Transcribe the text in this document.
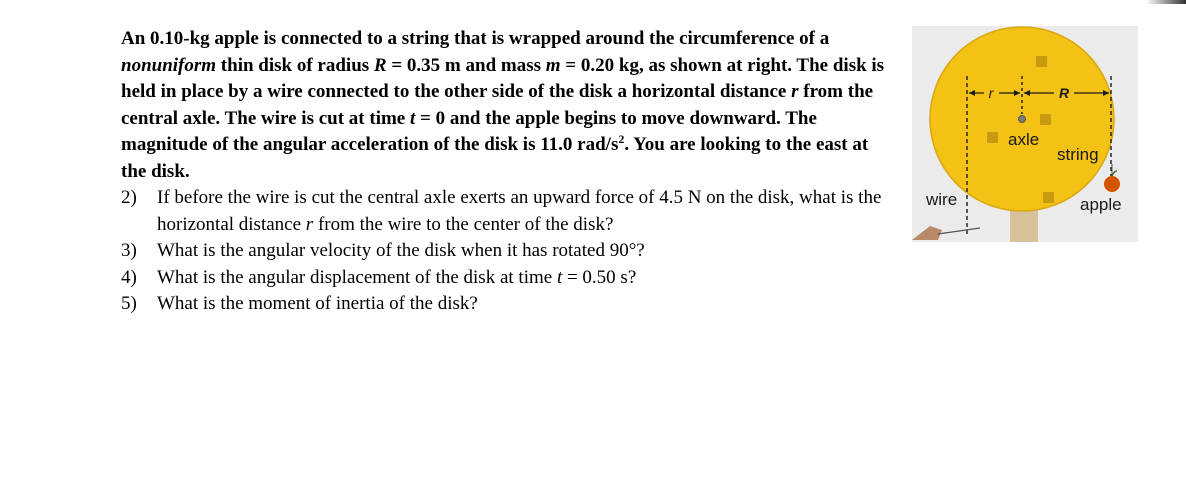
An 0.10-kg apple is connected to a string that is wrapped around the circumference of a nonuniform thin disk of radius R = 0.35 m and mass m = 0.20 kg, as shown at right. The disk is held in place by a wire connected to the other side of the disk a horizontal distance r from the central axle. The wire is cut at time t = 0 and the apple begins to move downward. The magnitude of the angular acceleration of the disk is 11.0 rad/$s^2$. You are looking to the east at the disk.

2) If before the wire is cut the central axle exerts an upward force of 4.5 N on the disk, what is the horizontal distance r from the wire to the center of the disk?
3) What is the angular velocity of the disk when it has rotated 90°?
4) What is the angular displacement of the disk at time t = 0.50 s?
5) What is the moment of inertia of the disk?
r	R
axle
string
apple
wire
